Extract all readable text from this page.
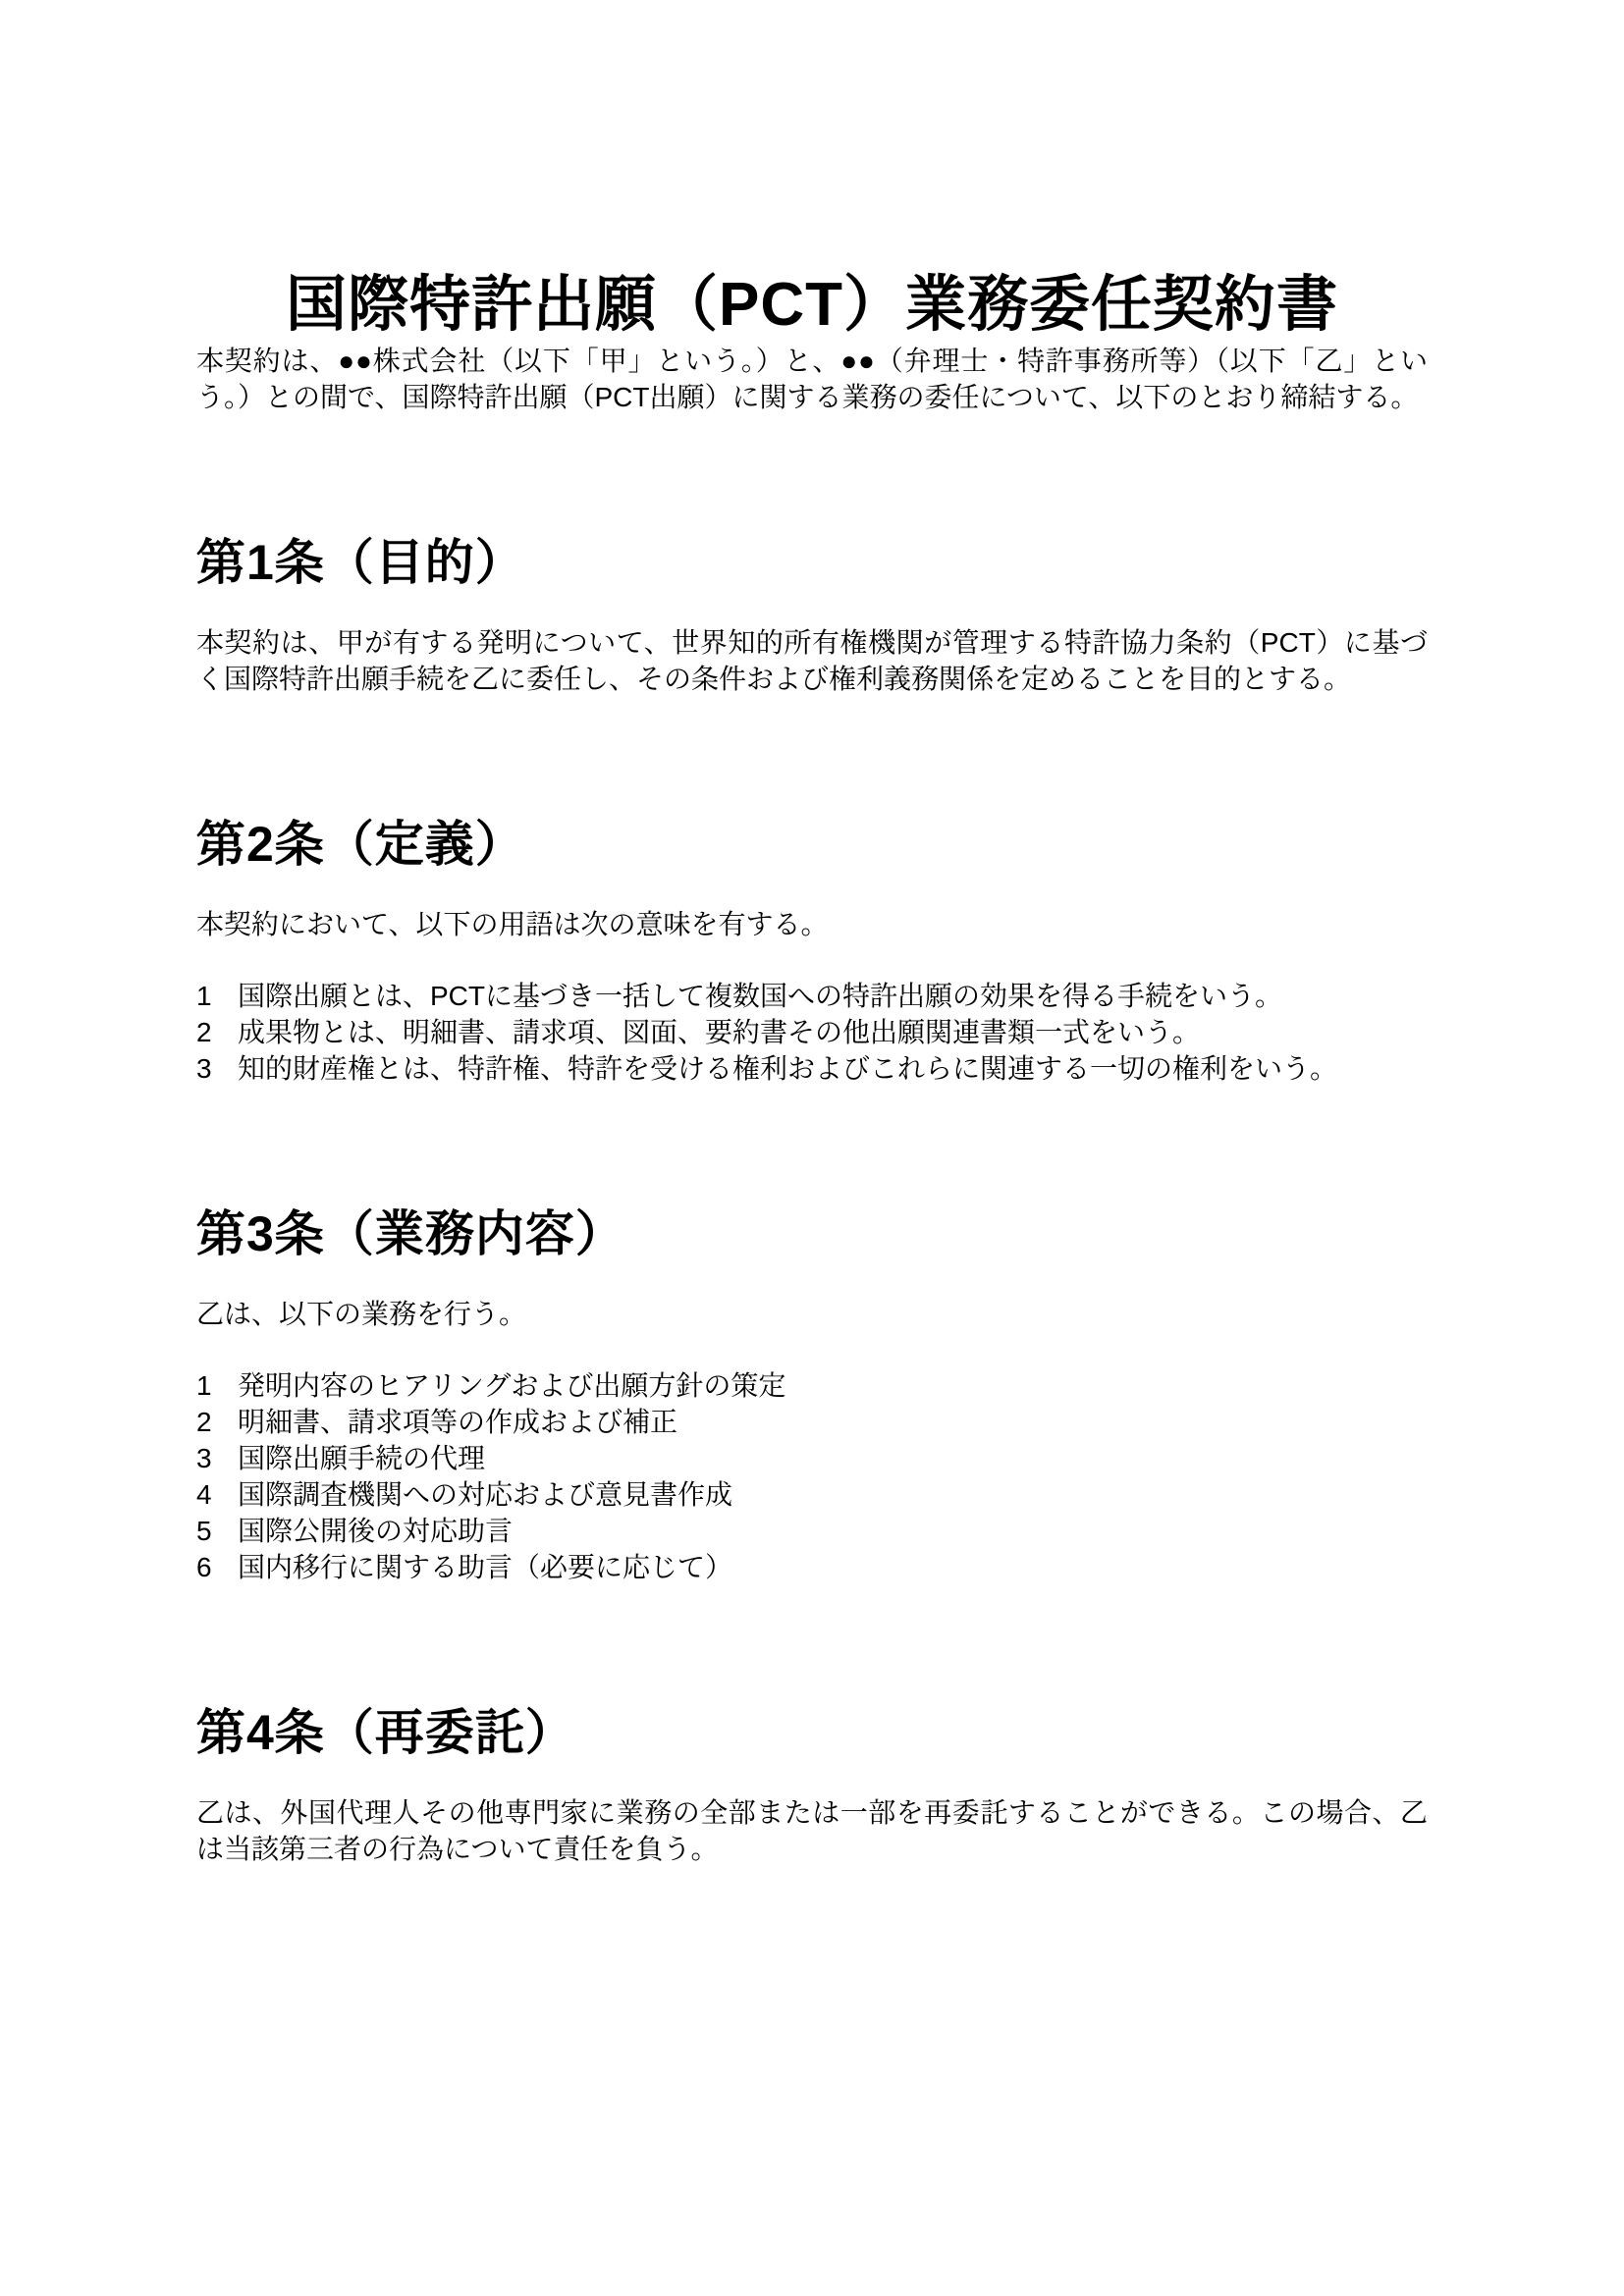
国際特許出願（PCT）業務委任契約書

本契約は、●●株式会社（以下「甲」という。）と、●●（弁理士・特許事務所等）（以下「乙」という。）との間で、国際特許出願（PCT出願）に関する業務の委任について、以下のとおり締結する。

第1条（目的）

本契約は、甲が有する発明について、世界知的所有権機関が管理する特許協力条約（PCT）に基づく国際特許出願手続を乙に委任し、その条件および権利義務関係を定めることを目的とする。

第2条（定義）

本契約において、以下の用語は次の意味を有する。

1 国際出願とは、PCTに基づき一括して複数国への特許出願の効果を得る手続をいう。
2 成果物とは、明細書、請求項、図面、要約書その他出願関連書類一式をいう。
3 知的財産権とは、特許権、特許を受ける権利およびこれらに関連する一切の権利をいう。
第3条（業務内容）

乙は、以下の業務を行う。

1 発明内容のヒアリングおよび出願方針の策定
2 明細書、請求項等の作成および補正
3 国際出願手続の代理
4 国際調査機関への対応および意見書作成
5 国際公開後の対応助言
6 国内移行に関する助言（必要に応じて）
第4条（再委託）

乙は、外国代理人その他専門家に業務の全部または一部を再委託することができる。この場合、乙は当該第三者の行為について責任を負う。
